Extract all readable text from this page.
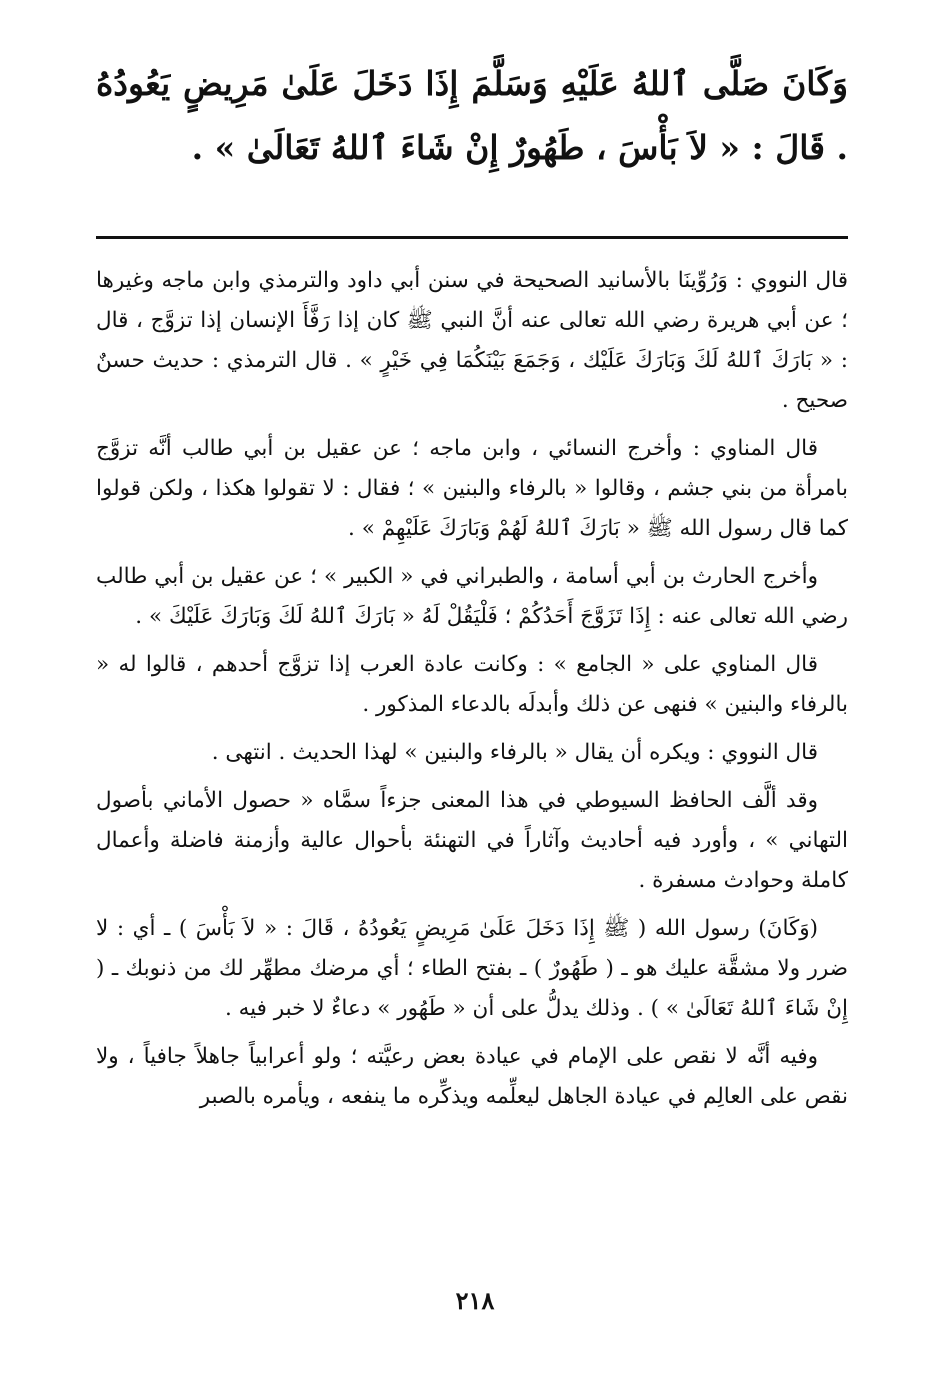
وَكَانَ صَلَّى ٱللهُ عَلَيْهِ وَسَلَّمَ إِذَا دَخَلَ عَلَىٰ مَرِيضٍ يَعُودُهُ . قَالَ : « لاَ بَأْسَ ، طَهُورٌ إِنْ شَاءَ ٱللهُ تَعَالَىٰ » .

قال النووي : وَرُوِّينَا بالأسانيد الصحيحة في سنن أبي داود والترمذي وابن ماجه وغيرها ؛ عن أبي هريرة رضي الله تعالى عنه أنَّ النبي ﷺ كان إذا رَفَّأَ الإنسان إذا تزوَّج ، قال : « بَارَكَ ٱللهُ لَكَ وَبَارَكَ عَلَيْك ، وَجَمَعَ بَيْنَكُمَا فِي خَيْرٍ » . قال الترمذي : حديث حسنٌ صحيح .

قال المناوي : وأخرج النسائي ، وابن ماجه ؛ عن عقيل بن أبي طالب أنَّه تزوَّج بامرأة من بني جشم ، وقالوا « بالرفاء والبنين » ؛ فقال : لا تقولوا هكذا ، ولكن قولوا كما قال رسول الله ﷺ « بَارَكَ ٱللهُ لَهُمْ وَبَارَكَ عَلَيْهِمْ » .

وأخرج الحارث بن أبي أسامة ، والطبراني في « الكبير » ؛ عن عقيل بن أبي طالب رضي الله تعالى عنه : إِذَا تَزَوَّجَ أَحَدُكُمْ ؛ فَلْيَقُلْ لَهُ « بَارَكَ ٱللهُ لَكَ وَبَارَكَ عَلَيْكَ » .

قال المناوي على « الجامع » : وكانت عادة العرب إذا تزوَّج أحدهم ، قالوا له « بالرفاء والبنين » فنهى عن ذلك وأبدلَه بالدعاء المذكور .

قال النووي : ويكره أن يقال « بالرفاء والبنين » لهذا الحديث . انتهى .

وقد ألَّف الحافظ السيوطي في هذا المعنى جزءاً سمَّاه « حصول الأماني بأصول التهاني » ، وأورد فيه أحاديث وآثاراً في التهنئة بأحوال عالية وأزمنة فاضلة وأعمال كاملة وحوادث مسفرة .

(وَكَانَ) رسول الله ( ﷺ إِذَا دَخَلَ عَلَىٰ مَرِيضٍ يَعُودُهُ ، قَالَ : « لاَ بَأْسَ ) ـ أي : لا ضرر ولا مشقَّة عليك هو ـ ( طَهُورٌ ) ـ بفتح الطاء ؛ أي مرضك مطهِّر لك من ذنوبك ـ ( إِنْ شَاءَ ٱللهُ تَعَالَىٰ » ) . وذلك يدلُّ على أن « طَهُور » دعاءٌ لا خبر فيه .

وفيه أنَّه لا نقص على الإمام في عيادة بعض رعيَّته ؛ ولو أعرابياً جاهلاً جافياً ، ولا نقص على العالِم في عيادة الجاهل ليعلِّمه ويذكِّره ما ينفعه ، ويأمره بالصبر

٢١٨
